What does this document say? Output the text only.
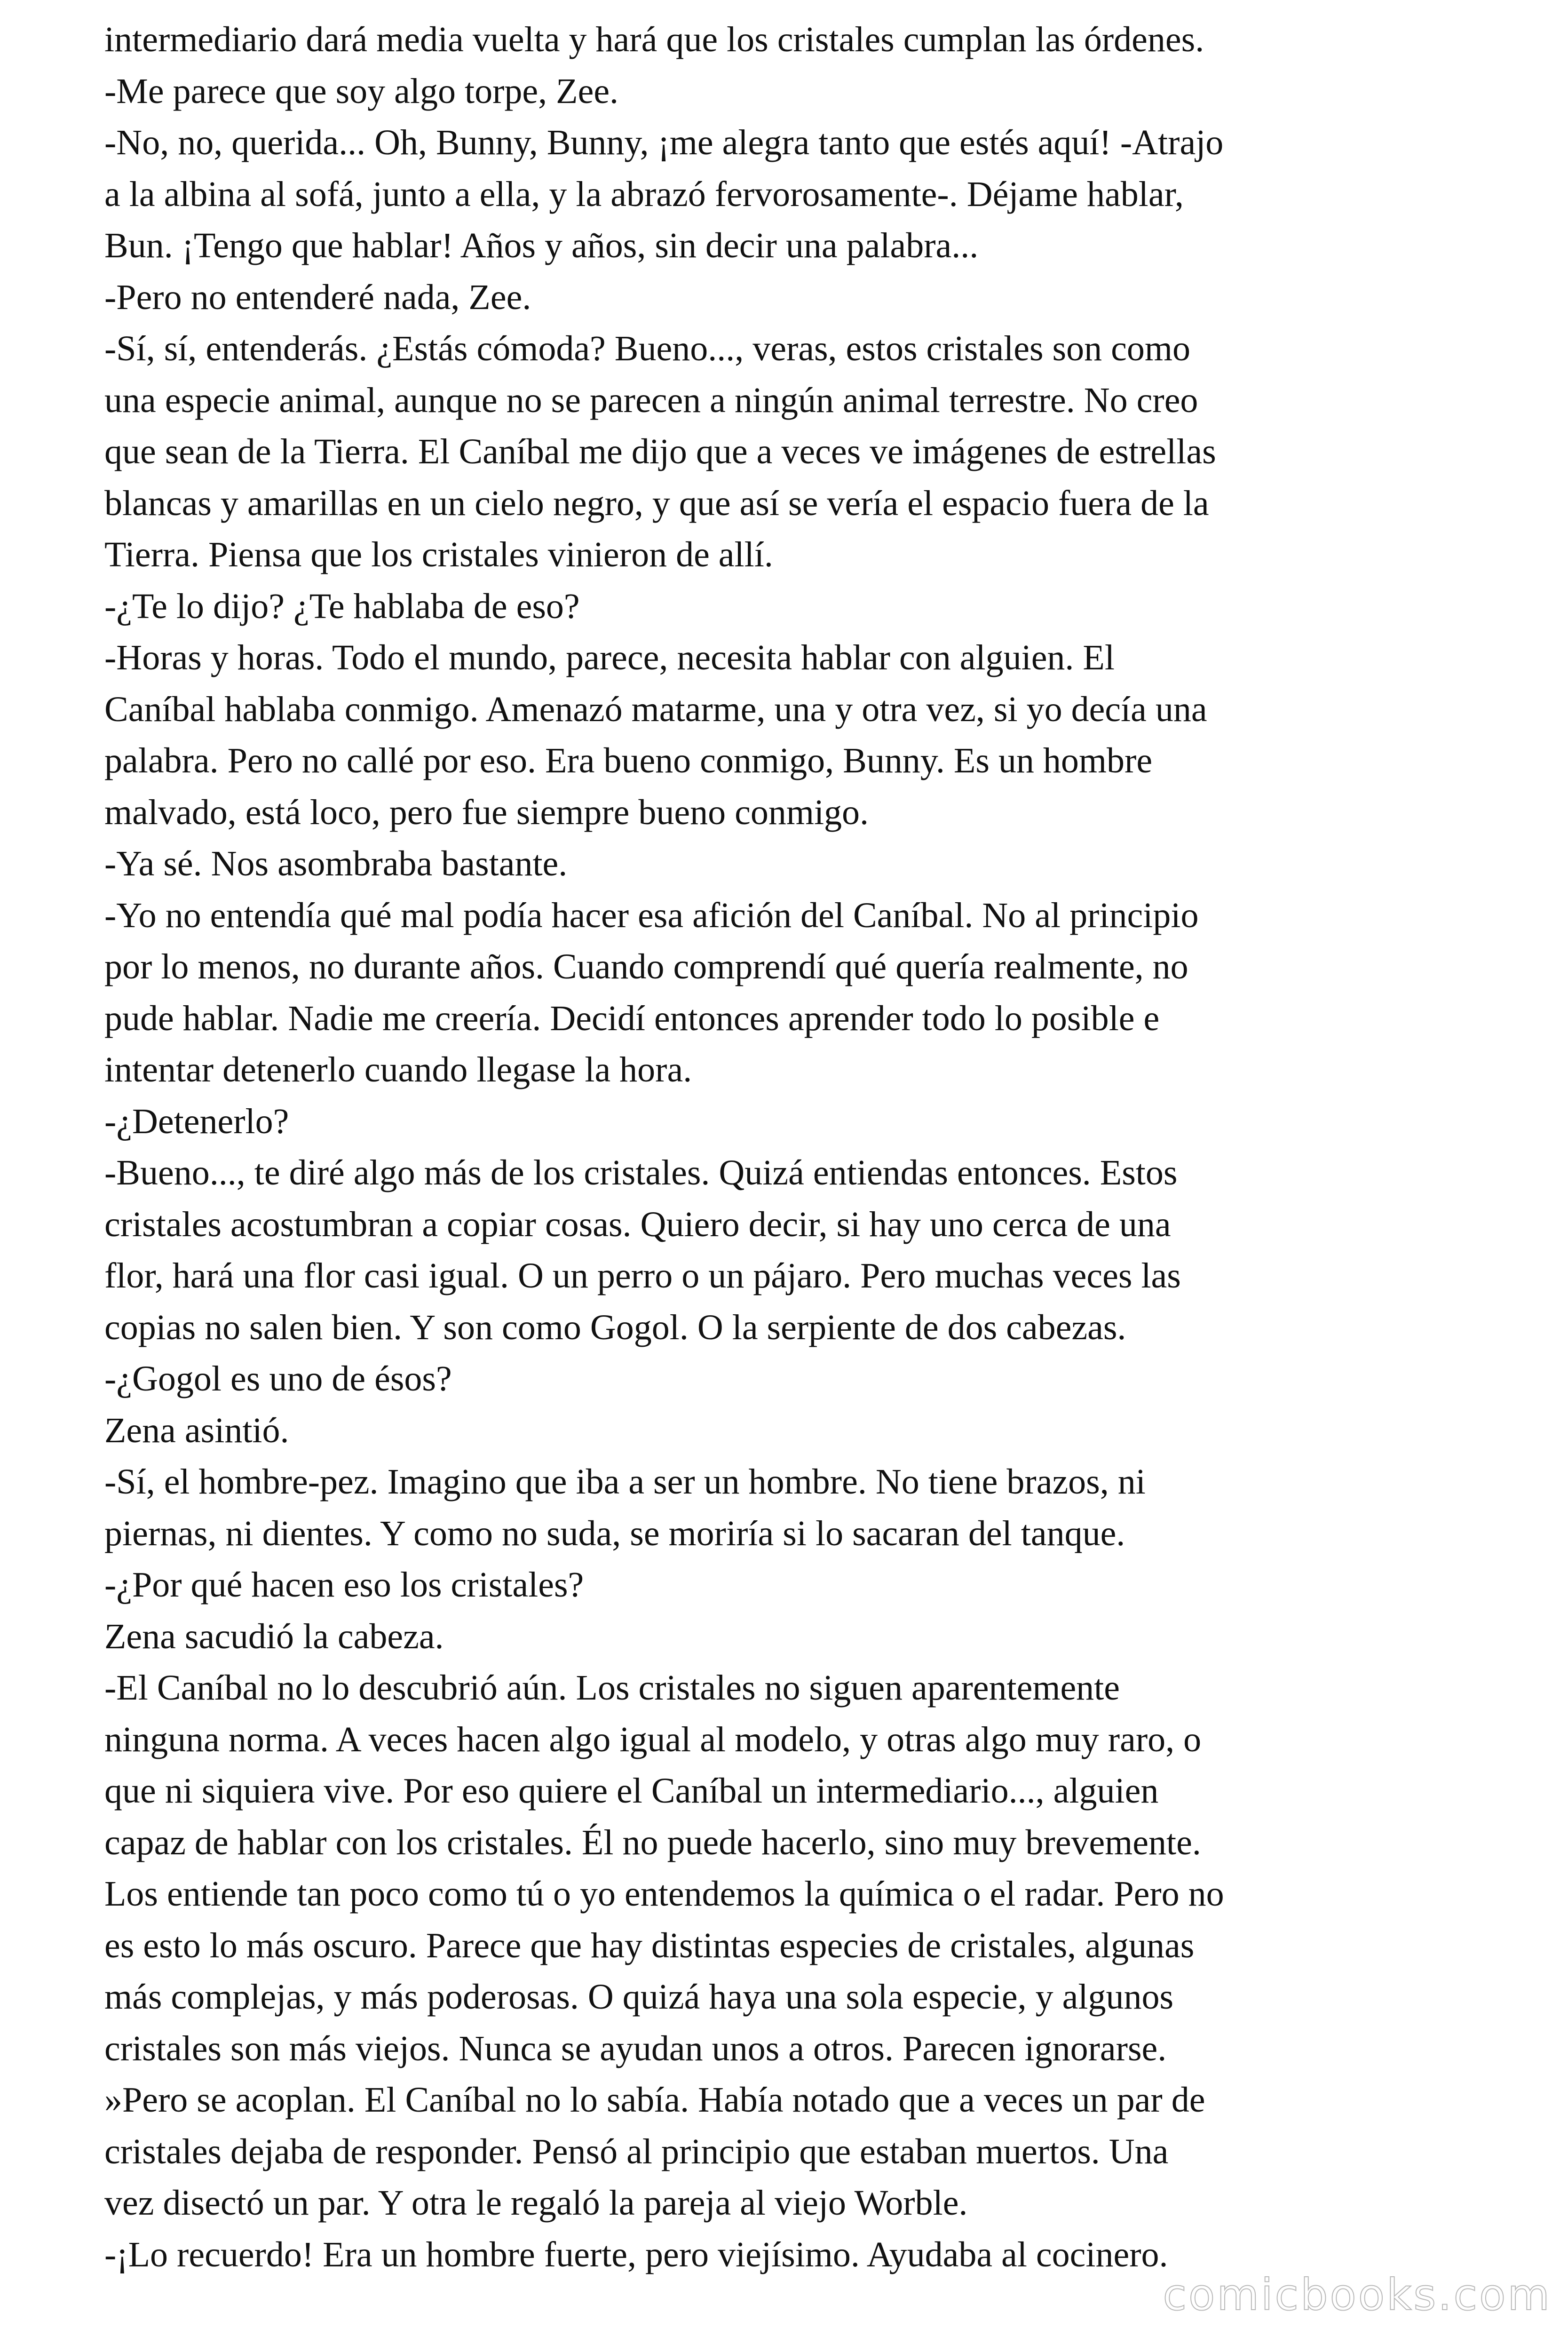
intermediario dará media vuelta y hará que los cristales cumplan las órdenes.
-Me parece que soy algo torpe, Zee.
-No, no, querida... Oh, Bunny, Bunny, ¡me alegra tanto que estés aquí! -Atrajo
a la albina al sofá, junto a ella, y la abrazó fervorosamente-. Déjame hablar,
Bun. ¡Tengo que hablar! Años y años, sin decir una palabra...
-Pero no entenderé nada, Zee.
-Sí, sí, entenderás. ¿Estás cómoda? Bueno..., veras, estos cristales son como
una especie animal, aunque no se parecen a ningún animal terrestre. No creo
que sean de la Tierra. El Caníbal me dijo que a veces ve imágenes de estrellas
blancas y amarillas en un cielo negro, y que así se vería el espacio fuera de la
Tierra. Piensa que los cristales vinieron de allí.
-¿Te lo dijo? ¿Te hablaba de eso?
-Horas y horas. Todo el mundo, parece, necesita hablar con alguien. El
Caníbal hablaba conmigo. Amenazó matarme, una y otra vez, si yo decía una
palabra. Pero no callé por eso. Era bueno conmigo, Bunny. Es un hombre
malvado, está loco, pero fue siempre bueno conmigo.
-Ya sé. Nos asombraba bastante.
-Yo no entendía qué mal podía hacer esa afición del Caníbal. No al principio
por lo menos, no durante años. Cuando comprendí qué quería realmente, no
pude hablar. Nadie me creería. Decidí entonces aprender todo lo posible e
intentar detenerlo cuando llegase la hora.
-¿Detenerlo?
-Bueno..., te diré algo más de los cristales. Quizá entiendas entonces. Estos
cristales acostumbran a copiar cosas. Quiero decir, si hay uno cerca de una
flor, hará una flor casi igual. O un perro o un pájaro. Pero muchas veces las
copias no salen bien. Y son como Gogol. O la serpiente de dos cabezas.
-¿Gogol es uno de ésos?
Zena asintió.
-Sí, el hombre-pez. Imagino que iba a ser un hombre. No tiene brazos, ni
piernas, ni dientes. Y como no suda, se moriría si lo sacaran del tanque.
-¿Por qué hacen eso los cristales?
Zena sacudió la cabeza.
-El Caníbal no lo descubrió aún. Los cristales no siguen aparentemente
ninguna norma. A veces hacen algo igual al modelo, y otras algo muy raro, o
que ni siquiera vive. Por eso quiere el Caníbal un intermediario..., alguien
capaz de hablar con los cristales. Él no puede hacerlo, sino muy brevemente.
Los entiende tan poco como tú o yo entendemos la química o el radar. Pero no
es esto lo más oscuro. Parece que hay distintas especies de cristales, algunas
más complejas, y más poderosas. O quizá haya una sola especie, y algunos
cristales son más viejos. Nunca se ayudan unos a otros. Parecen ignorarse.
»Pero se acoplan. El Caníbal no lo sabía. Había notado que a veces un par de
cristales dejaba de responder. Pensó al principio que estaban muertos. Una
vez disectó un par. Y otra le regaló la pareja al viejo Worble.
-¡Lo recuerdo! Era un hombre fuerte, pero viejísimo. Ayudaba al cocinero.
comicbooks.com
